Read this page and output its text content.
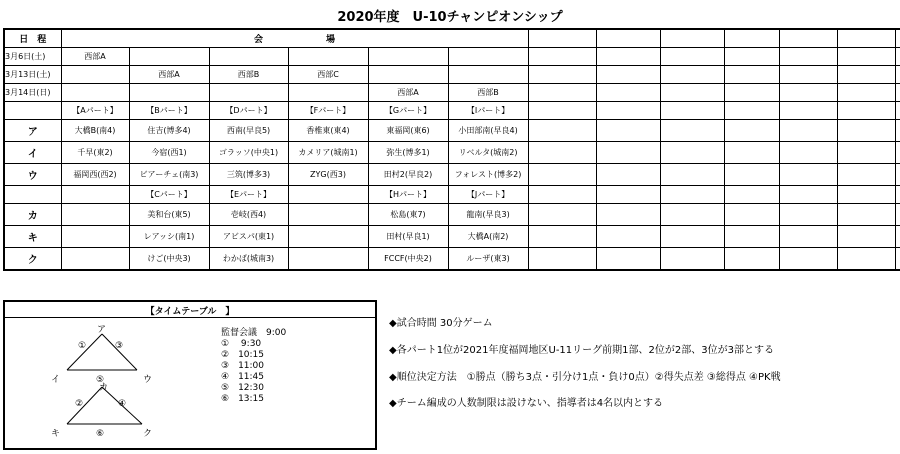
2020年度　U-10チャンピオンシップ
日　程	会　　　　　　　場												
3月6日(土)	西部A												
3月13日(土)		西部A	西部B	西部C									
3月14日(日)					西部A	西部B							
	【Aパート】	【Bパート】	【Dパート】	【Fパート】	【Gパート】	【Iパート】							
ア	大橋B(南4)	住吉(博多4)	西南(早良5)	香椎東(東4)	東福岡(東6)	小田部南(早良4)							
イ	千早(東2)	今宿(西1)	ゴラッソ(中央1)	カメリア(城南1)	弥生(博多1)	リベルタ(城南2)							
ウ	福岡西(西2)	ビアーチェ(南3)	三筑(博多3)	ZYG(西3)	田村2(早良2)	フォレスト(博多2)							
		【Cパート】	【Eパート】		【Hパート】	【Jパート】							
カ		美和台(東5)	壱岐(西4)		松島(東7)	龍南(早良3)							
キ		レアッシ(南1)	アビスパ(東1)		田村(早良1)	大橋A(南2)							
ク		けご(中央3)	わかば(城南3)		FCCF(中央2)	ルーザ(東3)							
【タイムテーブル　】
ア
イ	ウ
①	③
⑤
カ
②	④
キ	⑥	ク
監督会議　9:00
①　 9:30
②　10:15
③　11:00
④　11:45
⑤　12:30
⑥　13:15
◆試合時間 30分ゲーム
◆各パート1位が2021年度福岡地区U-11リーグ前期1部、2位が2部、3位が3部とする
◆順位決定方法　①勝点（勝ち3点・引分け1点・負け0点）②得失点差 ③総得点 ④PK戦
◆チーム編成の人数制限は設けない、指導者は4名以内とする
